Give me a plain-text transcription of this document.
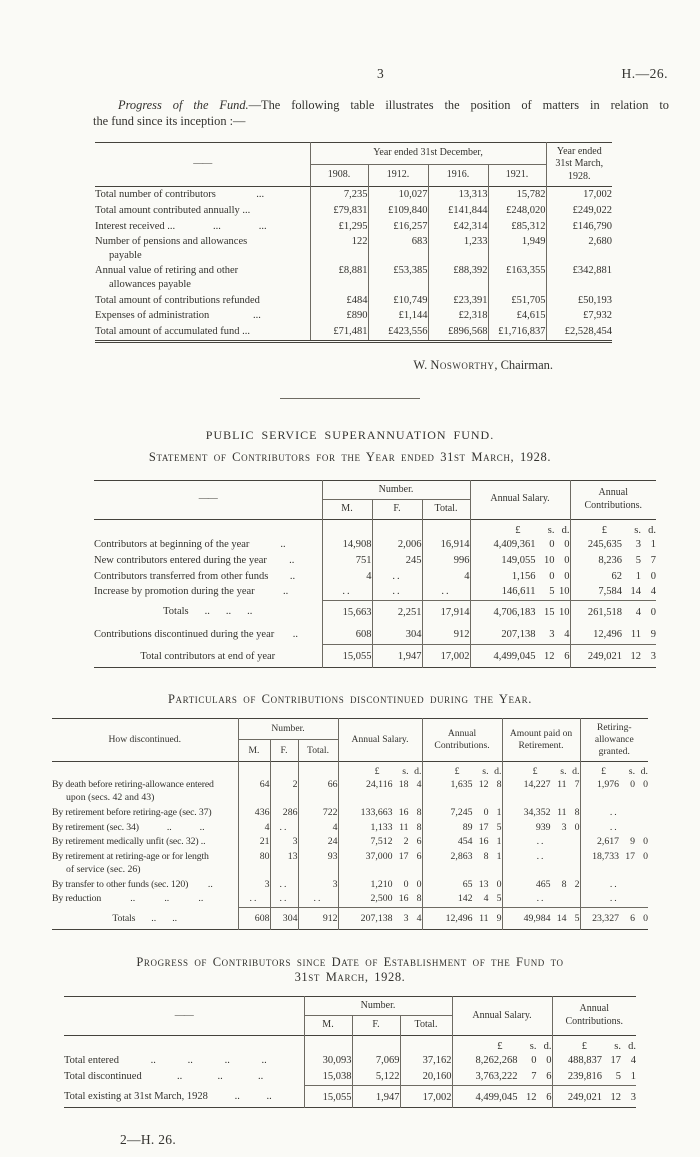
3	H.—26.
Progress of the Fund.—The following table illustrates the position of matters in relation to
the fund since its inception :—
——	Year ended 31st December,				Year ended 31st March, 1928.
	1908.	1912.	1916.	1921.	

Total number of contributors ...	7,235	10,027	13,313	15,782	17,002

Total amount contributed annually ...	£79,831	£109,840	£141,844	£248,020	£249,022

Interest received ... ... ...	£1,295	£16,257	£42,314	£85,312	£146,790

Number of pensions and allowances
payable	122	683	1,233	1,949	2,680

Annual value of retiring and other
allowances payable	£8,881	£53,385	£88,392	£163,355	£342,881

Total amount of contributions refunded	£484	£10,749	£23,391	£51,705	£50,193

Expenses of administration ...	£890	£1,144	£2,318	£4,615	£7,932

Total amount of accumulated fund ...	£71,481	£423,556	£896,568	£1,716,837	£2,528,454
W. Nosworthy, Chairman.
PUBLIC SERVICE SUPERANNUATION FUND.
Statement of Contributors for the Year ended 31st March, 1928.
——	Number.			Annual Salary.	Annual Contributions.
	M.	F.	Total.		

				£ s. d.	£ s. d.

Contributors at beginning of the year ..	14,908	2,006	16,914	4,409,361 0 0	245,635 3 1

New contributors entered during the year ..	751	245	996	149,055 10 0	8,236 5 7

Contributors transferred from other funds ..	4	..	4	1,156 0 0	62 1 0

Increase by promotion during the year ..	..	..	..	146,611 5 10	7,584 14 4

Totals .. .. ..	15,663	2,251	17,914	4,706,183 15 10	261,518 4 0

Contributions discontinued during the year ..	608	304	912	207,138 3 4	12,496 11 9

Total contributors at end of year	15,055	1,947	17,002	4,499,045 12 6	249,021 12 3
Particulars of Contributions discontinued during the Year.
How discontinued.	Number.			Annual Salary.	Annual Contributions.	Amount paid on Retirement.	Retiring-allowance granted.
	M.	F.	Total.				

				£ s. d.	£ s. d.	£ s. d.	£ s. d.

By death before retiring-allowance entered
upon (secs. 42 and 43)	64	2	66	24,116 18 4	1,635 12 8	14,227 11 7	1,976 0 0

By retirement before retiring-age (sec. 37)	436	286	722	133,663 16 8	7,245 0 1	34,352 11 8	..

By retirement (sec. 34) .. ..	4	..	4	1,133 11 8	89 17 5	939 3 0	..

By retirement medically unfit (sec. 32) ..	21	3	24	7,512 2 6	454 16 1	..	2,617 9 0

By retirement at retiring-age or for length
of service (sec. 26)	80	13	93	37,000 17 6	2,863 8 1	..	18,733 17 0

By transfer to other funds (sec. 120) ..	3	..	3	1,210 0 0	65 13 0	465 8 2	..

By reduction .. .. ..	..	..	..	2,500 16 8	142 4 5	..	..

Totals .. ..	608	304	912	207,138 3 4	12,496 11 9	49,984 14 5	23,327 6 0
Progress of Contributors since Date of Establishment of the Fund to
31st March, 1928.
——	Number.			Annual Salary.	Annual Contributions.
	M.	F.	Total.		

				£ s. d.	£ s. d.

Total entered .. .. .. ..	30,093	7,069	37,162	8,262,268 0 0	488,837 17 4

Total discontinued .. .. ..	15,038	5,122	20,160	3,763,222 7 6	239,816 5 1

Total existing at 31st March, 1928 .. ..	15,055	1,947	17,002	4,499,045 12 6	249,021 12 3
2—H. 26.
